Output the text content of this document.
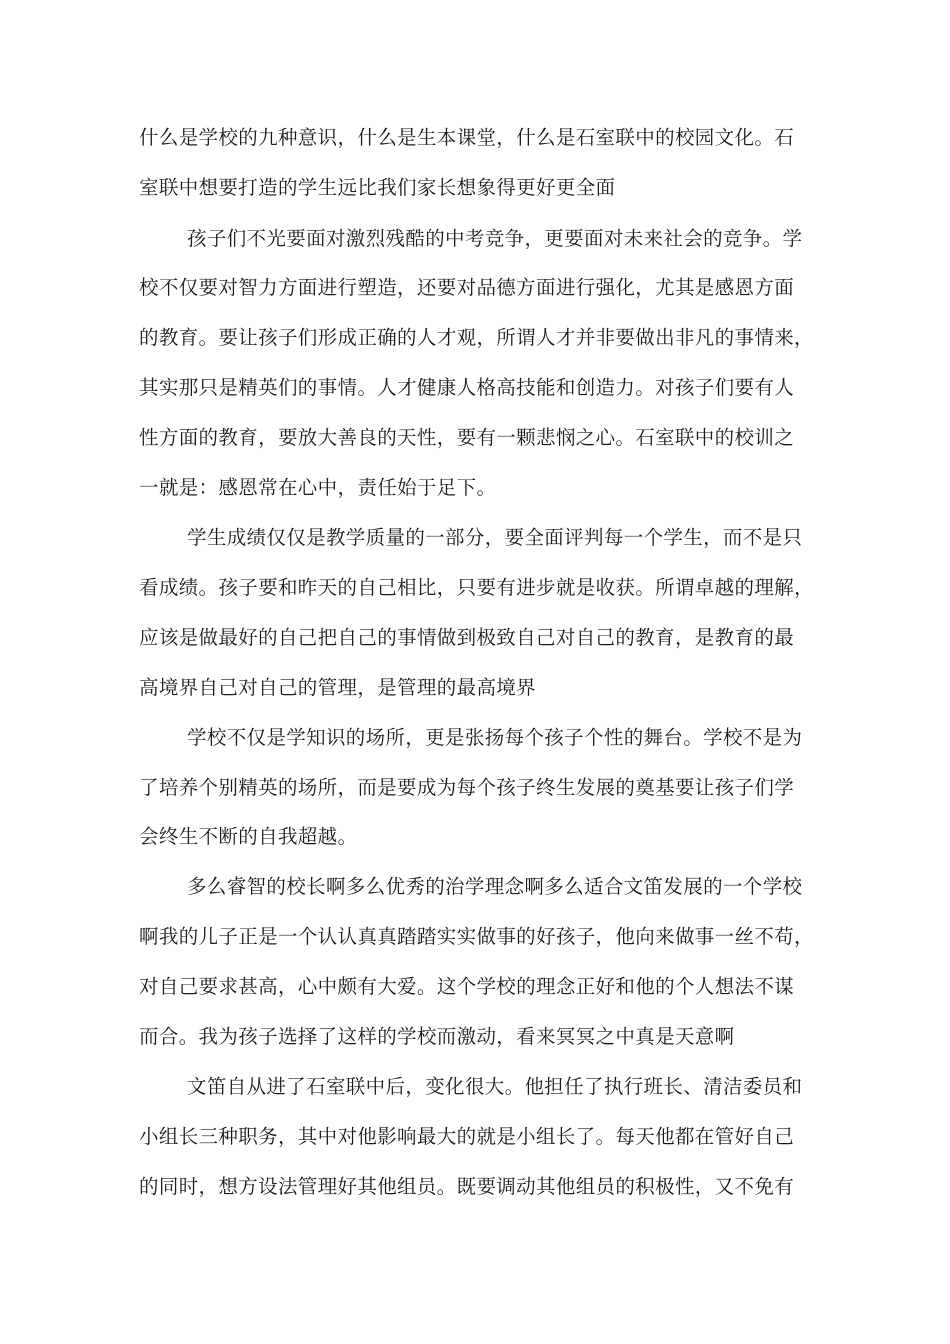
什么是学校的九种意识，什么是生本课堂，什么是石室联中的校园文化。石
室联中想要打造的学生远比我们家长想象得更好更全面
孩子们不光要面对激烈残酷的中考竞争，更要面对未来社会的竞争。学
校不仅要对智力方面进行塑造，还要对品德方面进行强化，尤其是感恩方面
的教育。要让孩子们形成正确的人才观，所谓人才并非要做出非凡的事情来，
其实那只是精英们的事情。人才健康人格高技能和创造力。对孩子们要有人
性方面的教育，要放大善良的天性，要有一颗悲悯之心。石室联中的校训之
一就是：感恩常在心中，责任始于足下。
学生成绩仅仅是教学质量的一部分，要全面评判每一个学生，而不是只
看成绩。孩子要和昨天的自己相比，只要有进步就是收获。所谓卓越的理解，
应该是做最好的自己把自己的事情做到极致自己对自己的教育，是教育的最
高境界自己对自己的管理，是管理的最高境界
学校不仅是学知识的场所，更是张扬每个孩子个性的舞台。学校不是为
了培养个别精英的场所，而是要成为每个孩子终生发展的奠基要让孩子们学
会终生不断的自我超越。
多么睿智的校长啊多么优秀的治学理念啊多么适合文笛发展的一个学校
啊我的儿子正是一个认认真真踏踏实实做事的好孩子，他向来做事一丝不苟，
对自己要求甚高，心中颇有大爱。这个学校的理念正好和他的个人想法不谋
而合。我为孩子选择了这样的学校而激动，看来冥冥之中真是天意啊
文笛自从进了石室联中后，变化很大。他担任了执行班长、清洁委员和
小组长三种职务，其中对他影响最大的就是小组长了。每天他都在管好自己
的同时，想方设法管理好其他组员。既要调动其他组员的积极性，又不免有
